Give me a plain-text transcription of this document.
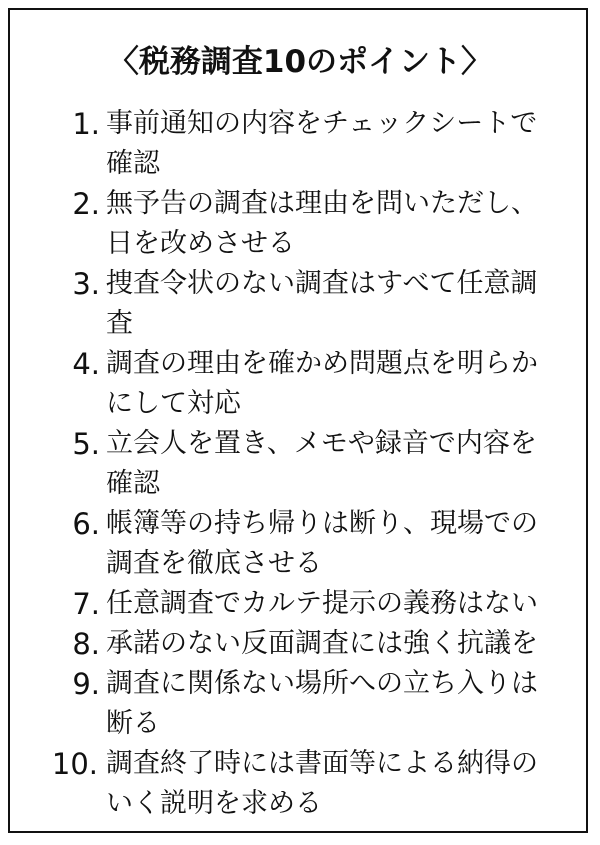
〈税務調査10のポイント〉
1. 事前通知の内容をチェックシートで
確認
2. 無予告の調査は理由を問いただし、
日を改めさせる
3. 捜査令状のない調査はすべて任意調
査
4. 調査の理由を確かめ問題点を明らか
にして対応
5. 立会人を置き、メモや録音で内容を
確認
6. 帳簿等の持ち帰りは断り、現場での
調査を徹底させる
7. 任意調査でカルテ提示の義務はない
8. 承諾のない反面調査には強く抗議を
9. 調査に関係ない場所への立ち入りは
断る
10. 調査終了時には書面等による納得の
いく説明を求める
